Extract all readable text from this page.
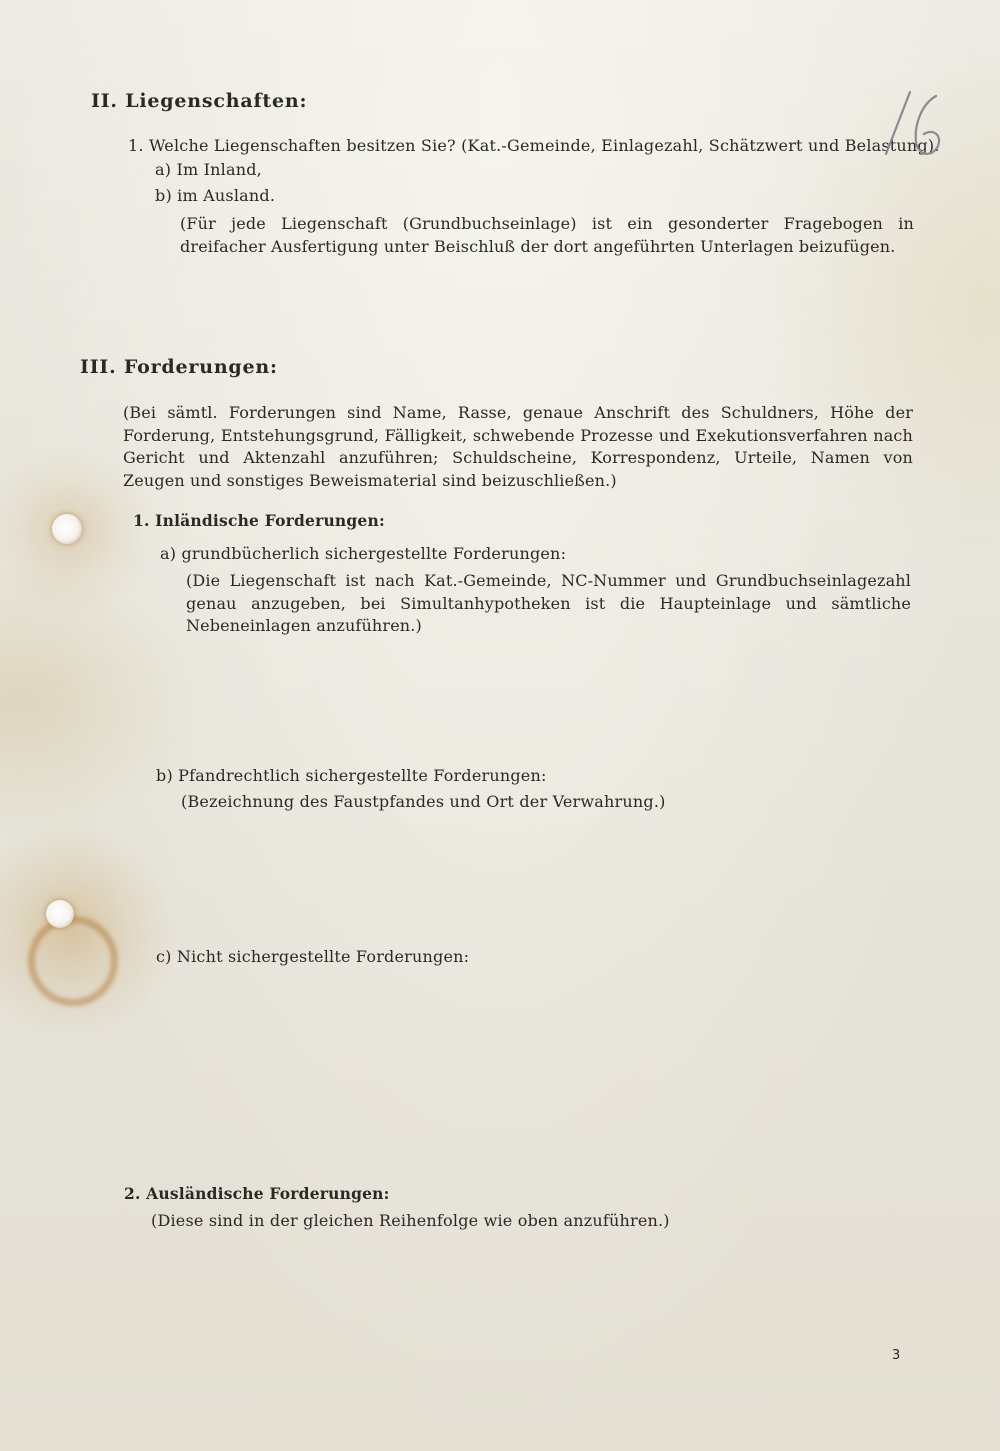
II. Liegenschaften:
1. Welche Liegenschaften besitzen Sie? (Kat.-Gemeinde, Einlagezahl, Schätzwert und Belastung).
a) Im Inland,
b) im Ausland.
(Für jede Liegenschaft (Grundbuchseinlage) ist ein gesonderter Fragebogen in dreifacher Ausfertigung unter Beischluß der dort angeführten Unterlagen beizufügen.
III. Forderungen:
(Bei sämtl. Forderungen sind Name, Rasse, genaue Anschrift des Schuldners, Höhe der Forderung, Entstehungsgrund, Fälligkeit, schwebende Prozesse und Exekutionsverfahren nach Gericht und Aktenzahl anzuführen; Schuldscheine, Korrespondenz, Urteile, Namen von Zeugen und sonstiges Beweismaterial sind beizuschließen.)
1. Inländische Forderungen:
a) grundbücherlich sichergestellte Forderungen:
(Die Liegenschaft ist nach Kat.-Gemeinde, NC-Nummer und Grundbuchseinlagezahl genau anzugeben, bei Simultanhypotheken ist die Haupteinlage und sämtliche Nebeneinlagen anzuführen.)
b) Pfandrechtlich sichergestellte Forderungen:
(Bezeichnung des Faustpfandes und Ort der Verwahrung.)
c) Nicht sichergestellte Forderungen:
2. Ausländische Forderungen:
(Diese sind in der gleichen Reihenfolge wie oben anzuführen.)
3
